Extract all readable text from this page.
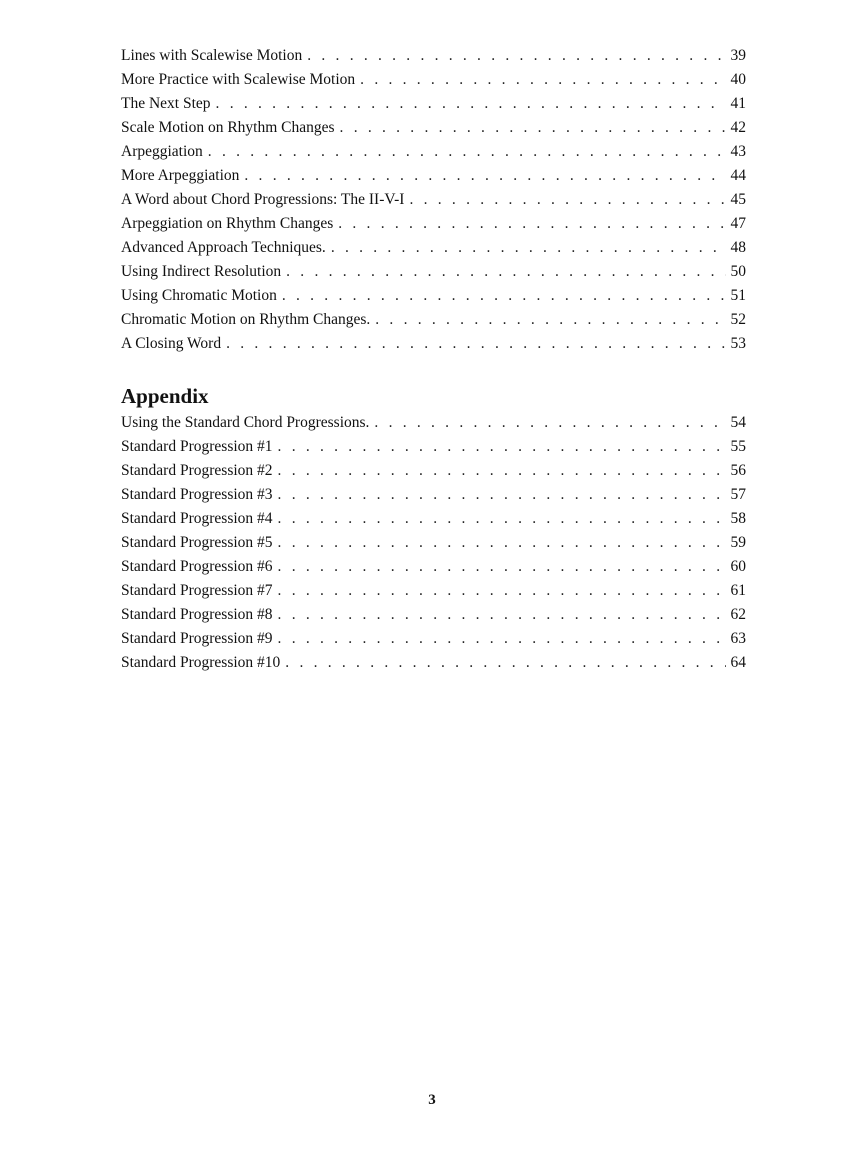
Lines with Scalewise Motion . . .	39
More Practice with Scalewise Motion . . .	40
The Next Step . . .	41
Scale Motion on Rhythm Changes . . .	42
Arpeggiation . . .	43
More Arpeggiation . . .	44
A Word about Chord Progressions: The II-V-I . . .	45
Arpeggiation on Rhythm Changes . . .	47
Advanced Approach Techniques. . . .	48
Using Indirect Resolution . . .	50
Using Chromatic Motion . . .	51
Chromatic Motion on Rhythm Changes. . . .	52
A Closing Word . . .	53
Appendix
Using the Standard Chord Progressions. . . .	54
Standard Progression #1 . . .	55
Standard Progression #2 . . .	56
Standard Progression #3 . . .	57
Standard Progression #4 . . .	58
Standard Progression #5 . . .	59
Standard Progression #6 . . .	60
Standard Progression #7 . . .	61
Standard Progression #8 . . .	62
Standard Progression #9 . . .	63
Standard Progression #10 . . .	64
3
